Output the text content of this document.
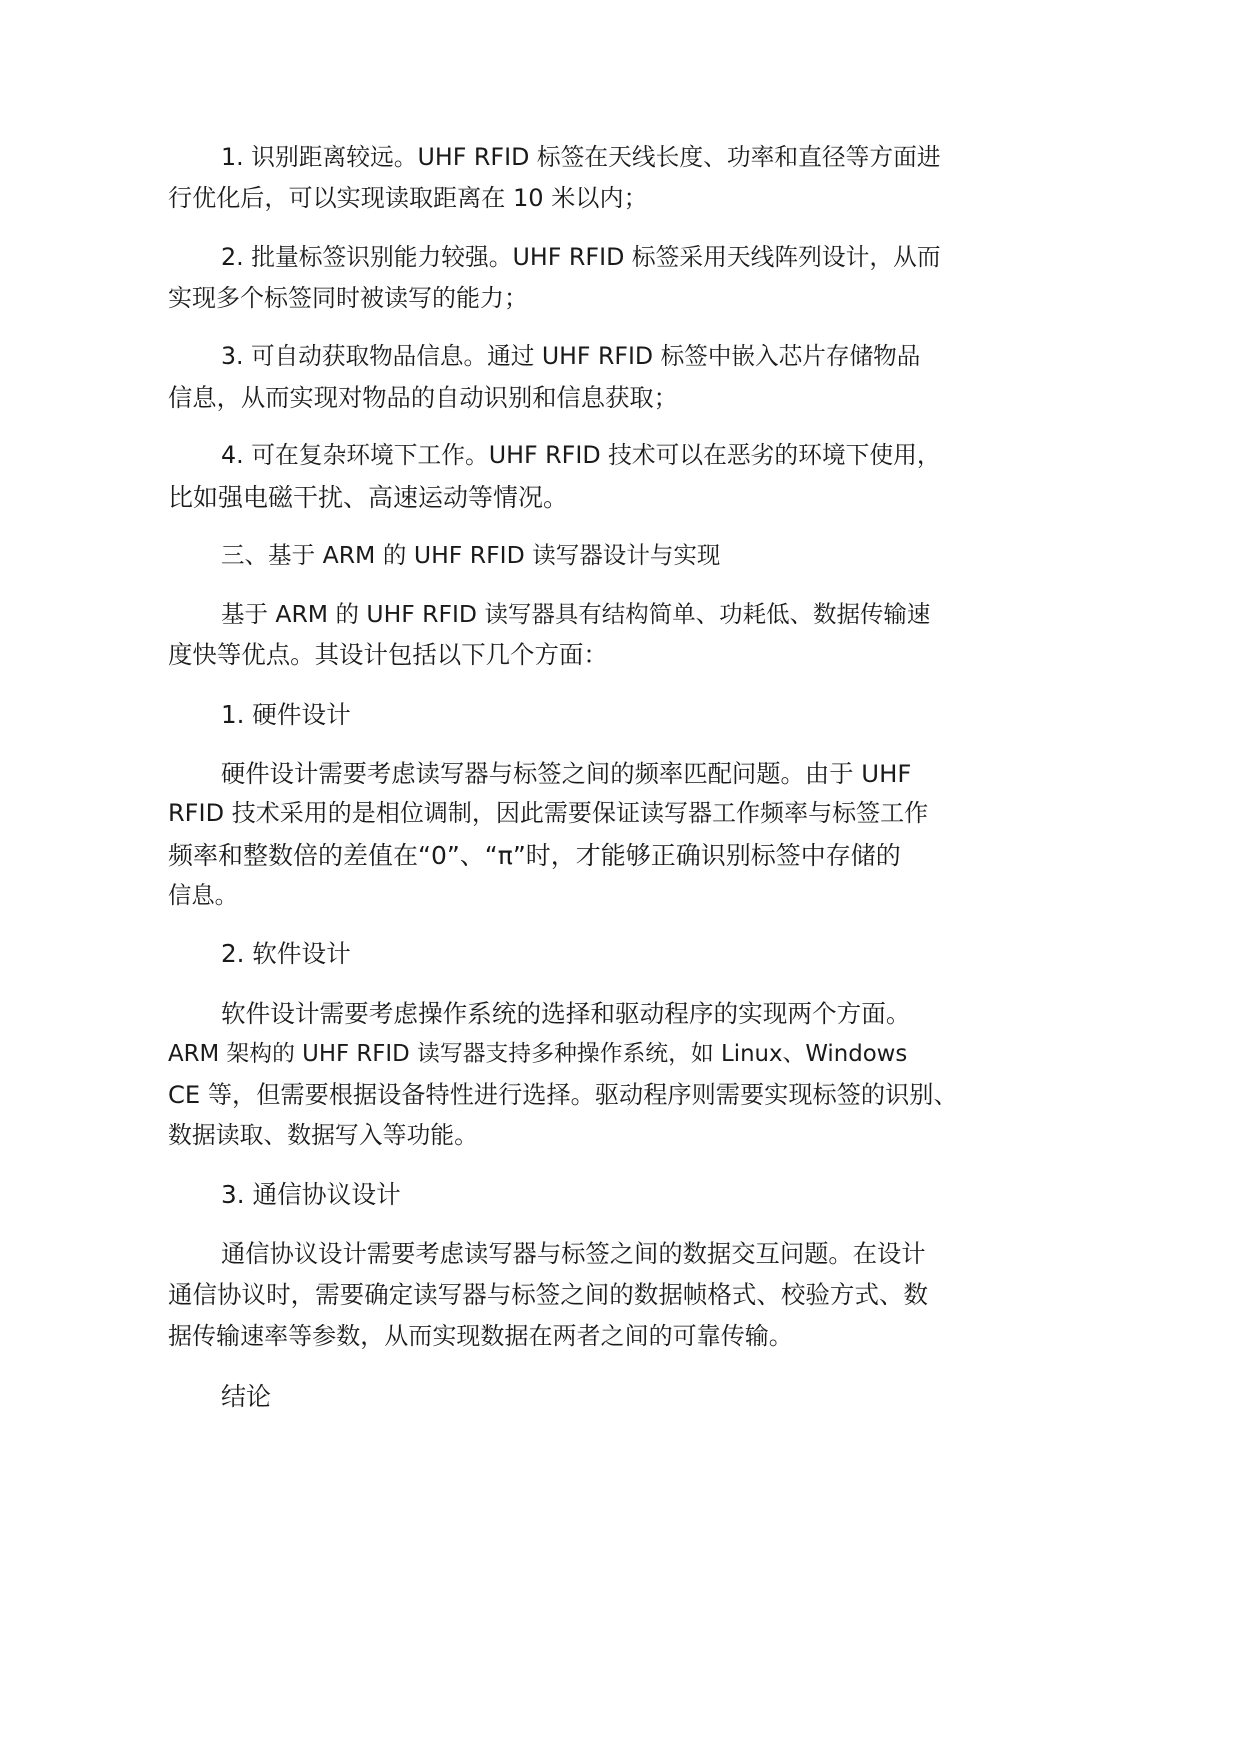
1. 识别距离较远。UHF RFID 标签在天线长度、功率和直径等方面进
行优化后，可以实现读取距离在 10 米以内；
2. 批量标签识别能力较强。UHF RFID 标签采用天线阵列设计，从而
实现多个标签同时被读写的能力；
3. 可自动获取物品信息。通过 UHF RFID 标签中嵌入芯片存储物品
信息，从而实现对物品的自动识别和信息获取；
4. 可在复杂环境下工作。UHF RFID 技术可以在恶劣的环境下使用，
比如强电磁干扰、高速运动等情况。
三、基于 ARM 的 UHF RFID 读写器设计与实现
基于 ARM 的 UHF RFID 读写器具有结构简单、功耗低、数据传输速
度快等优点。其设计包括以下几个方面：
1. 硬件设计
硬件设计需要考虑读写器与标签之间的频率匹配问题。由于 UHF
RFID 技术采用的是相位调制，因此需要保证读写器工作频率与标签工作
频率和整数倍的差值在“0”、“π”时，才能够正确识别标签中存储的
信息。
2. 软件设计
软件设计需要考虑操作系统的选择和驱动程序的实现两个方面。
ARM 架构的 UHF RFID 读写器支持多种操作系统，如 Linux、Windows
CE 等，但需要根据设备特性进行选择。驱动程序则需要实现标签的识别、
数据读取、数据写入等功能。
3. 通信协议设计
通信协议设计需要考虑读写器与标签之间的数据交互问题。在设计
通信协议时，需要确定读写器与标签之间的数据帧格式、校验方式、数
据传输速率等参数，从而实现数据在两者之间的可靠传输。
结论
